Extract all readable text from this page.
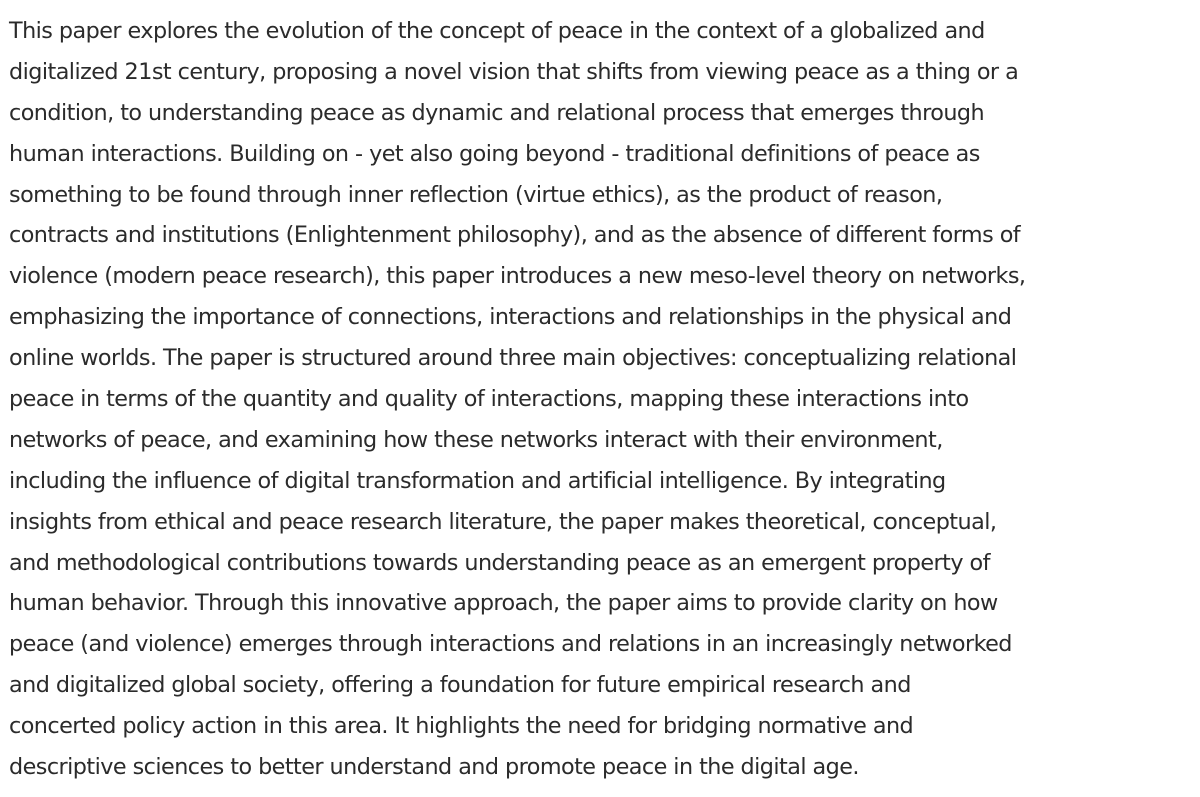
This paper explores the evolution of the concept of peace in the context of a globalized and
digitalized 21st century, proposing a novel vision that shifts from viewing peace as a thing or a
condition, to understanding peace as dynamic and relational process that emerges through
human interactions. Building on - yet also going beyond - traditional definitions of peace as
something to be found through inner reflection (virtue ethics), as the product of reason,
contracts and institutions (Enlightenment philosophy), and as the absence of different forms of
violence (modern peace research), this paper introduces a new meso-level theory on networks,
emphasizing the importance of connections, interactions and relationships in the physical and
online worlds. The paper is structured around three main objectives: conceptualizing relational
peace in terms of the quantity and quality of interactions, mapping these interactions into
networks of peace, and examining how these networks interact with their environment,
including the influence of digital transformation and artificial intelligence. By integrating
insights from ethical and peace research literature, the paper makes theoretical, conceptual,
and methodological contributions towards understanding peace as an emergent property of
human behavior. Through this innovative approach, the paper aims to provide clarity on how
peace (and violence) emerges through interactions and relations in an increasingly networked
and digitalized global society, offering a foundation for future empirical research and
concerted policy action in this area. It highlights the need for bridging normative and
descriptive sciences to better understand and promote peace in the digital age.
